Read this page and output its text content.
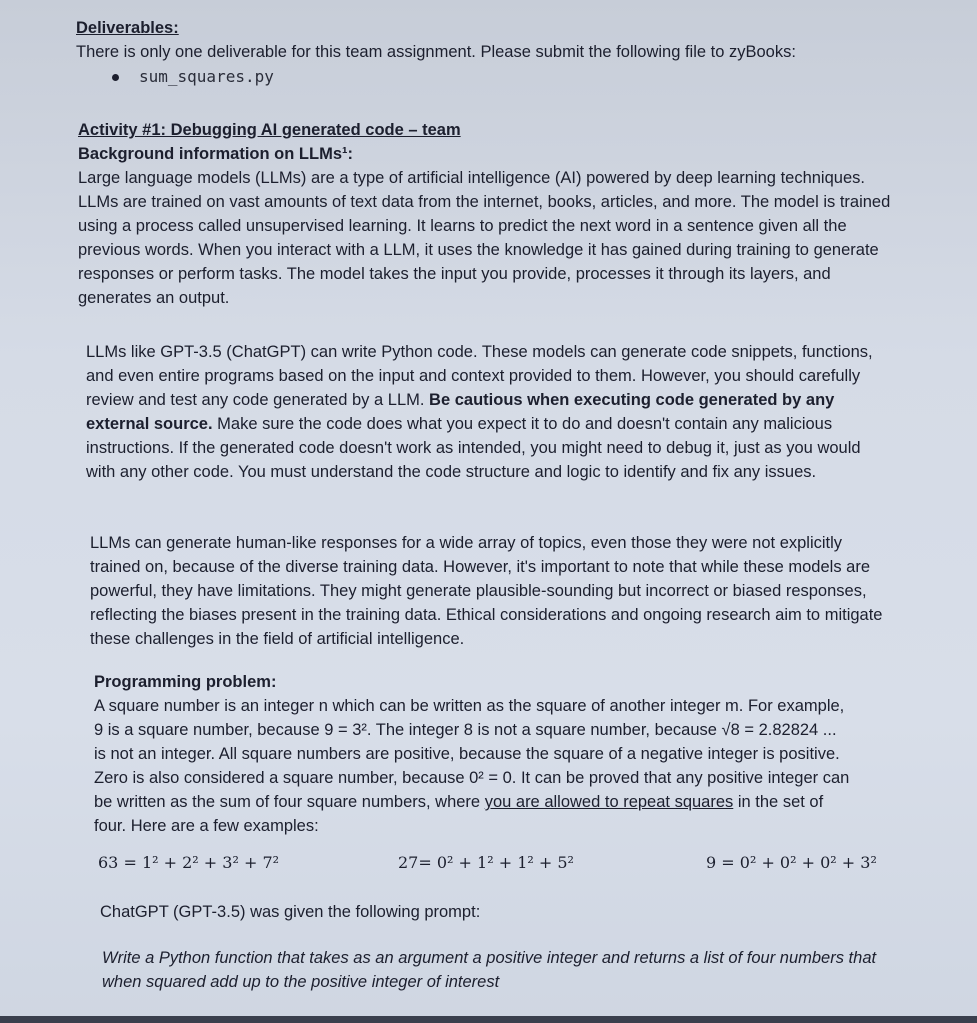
Deliverables:

There is only one deliverable for this team assignment. Please submit the following file to zyBooks:

sum_squares.py

Activity #1: Debugging AI generated code – team

Background information on LLMs¹:

Large language models (LLMs) are a type of artificial intelligence (AI) powered by deep learning techniques. LLMs are trained on vast amounts of text data from the internet, books, articles, and more. The model is trained using a process called unsupervised learning. It learns to predict the next word in a sentence given all the previous words. When you interact with a LLM, it uses the knowledge it has gained during training to generate responses or perform tasks. The model takes the input you provide, processes it through its layers, and generates an output.

LLMs like GPT-3.5 (ChatGPT) can write Python code. These models can generate code snippets, functions, and even entire programs based on the input and context provided to them. However, you should carefully review and test any code generated by a LLM. Be cautious when executing code generated by any external source. Make sure the code does what you expect it to do and doesn't contain any malicious instructions. If the generated code doesn't work as intended, you might need to debug it, just as you would with any other code. You must understand the code structure and logic to identify and fix any issues.
LLMs can generate human-like responses for a wide array of topics, even those they were not explicitly trained on, because of the diverse training data. However, it's important to note that while these models are powerful, they have limitations. They might generate plausible-sounding but incorrect or biased responses, reflecting the biases present in the training data. Ethical considerations and ongoing research aim to mitigate these challenges in the field of artificial intelligence.

Programming problem:

A square number is an integer n which can be written as the square of another integer m. For example,

9 is a square number, because 9 = 3². The integer 8 is not a square number, because √8 = 2.82824 ...

is not an integer. All square numbers are positive, because the square of a negative integer is positive.

Zero is also considered a square number, because 0² = 0. It can be proved that any positive integer can

be written as the sum of four square numbers, where you are allowed to repeat squares in the set of

four. Here are a few examples:

63 = 1² + 2² + 3² + 7²	27= 0² + 1² + 1² + 5²	9 = 0² + 0² + 0² + 3²
ChatGPT (GPT-3.5) was given the following prompt:
Write a Python function that takes as an argument a positive integer and returns a list of four numbers that when squared add up to the positive integer of interest
